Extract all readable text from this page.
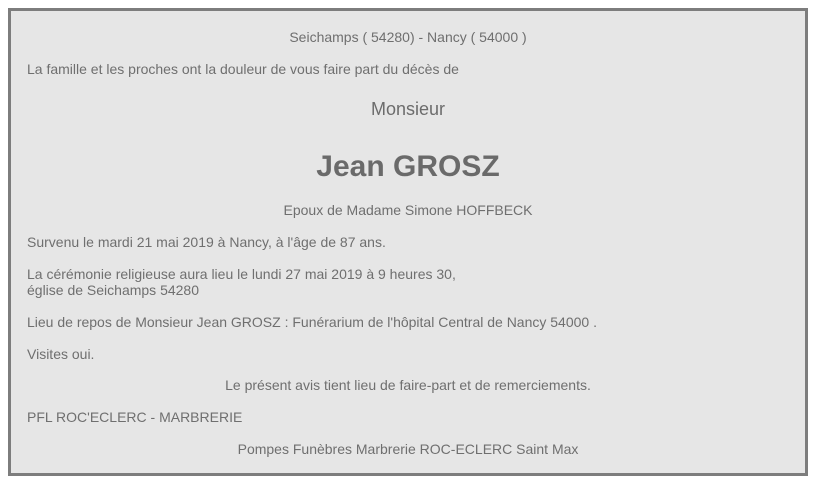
Seichamps ( 54280) - Nancy ( 54000 )
La famille et les proches ont la douleur de vous faire part du décès de
Monsieur
Jean GROSZ
Epoux de Madame Simone HOFFBECK
Survenu le mardi 21 mai 2019 à Nancy, à l'âge de 87 ans.
La cérémonie religieuse aura lieu le lundi 27 mai 2019 à 9 heures 30,
église de Seichamps 54280
Lieu de repos de Monsieur Jean GROSZ : Funérarium de l'hôpital Central de Nancy 54000 .
Visites oui.
Le présent avis tient lieu de faire-part et de remerciements.
PFL ROC'ECLERC - MARBRERIE
Pompes Funèbres Marbrerie ROC-ECLERC Saint Max
